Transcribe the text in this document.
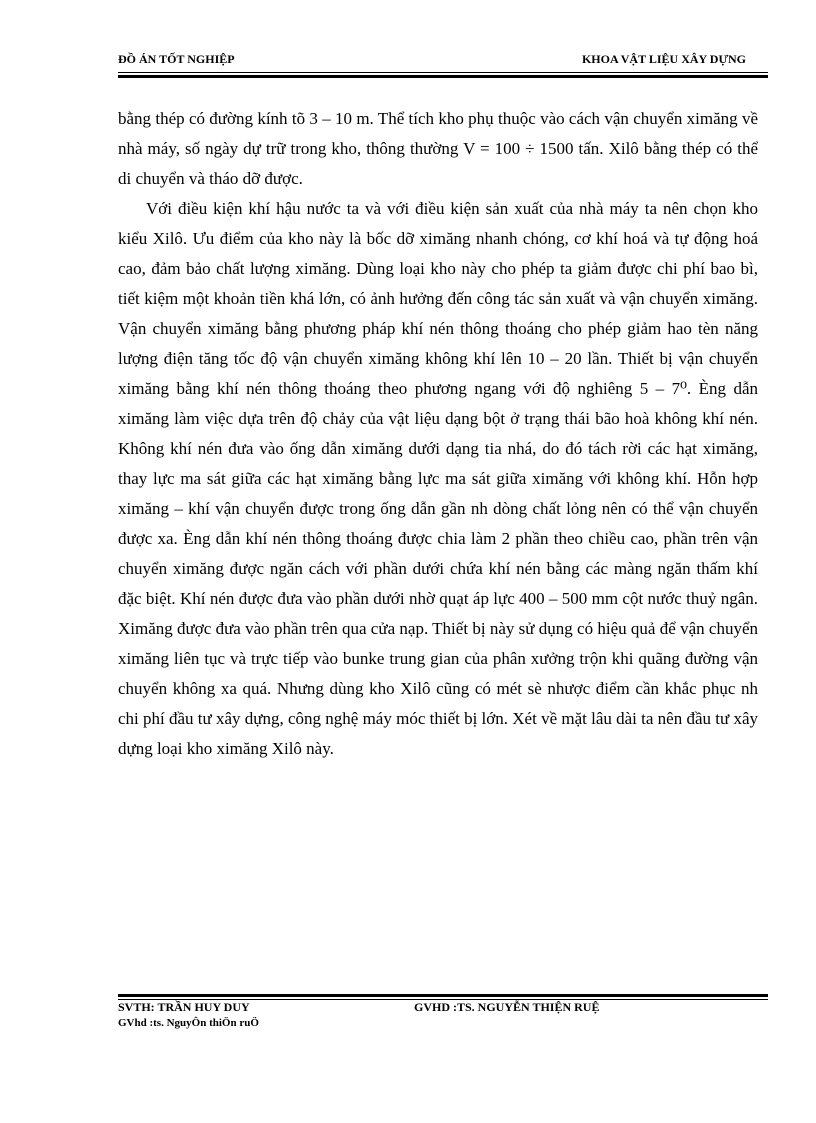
ĐỒ ÁN TỐT NGHIỆP	KHOA VẬT LIỆU XÂY DỰNG

bằng thép có đường kính tõ 3 – 10 m. Thể tích kho phụ thuộc vào cách vận chuyển ximăng về nhà máy, số ngày dự trữ trong kho, thông thường V = 100 ÷ 1500 tấn. Xilô bằng thép có thể di chuyển và tháo dỡ được.

Với điều kiện khí hậu nước ta và với điều kiện sản xuất của nhà máy ta nên chọn kho kiểu Xilô. Ưu điểm của kho này là bốc dỡ ximăng nhanh chóng, cơ khí hoá và tự động hoá cao, đảm bảo chất lượng ximăng. Dùng loại kho này cho phép ta giảm được chi phí bao bì, tiết kiệm một khoản tiền khá lớn, có ảnh hưởng đến công tác sản xuất và vận chuyển ximăng. Vận chuyển ximăng bằng phương pháp khí nén thông thoáng cho phép giảm hao tèn năng lượng điện tăng tốc độ vận chuyển ximăng không khí lên 10 – 20 lần. Thiết bị vận chuyển ximăng bằng khí nén thông thoáng theo phương ngang với độ nghiêng 5 – 7⁰. Èng dẫn ximăng làm việc dựa trên độ chảy của vật liệu dạng bột ở trạng thái bão hoà không khí nén. Không khí nén đưa vào ống dẫn ximăng dưới dạng tia nhá, do đó tách rời các hạt ximăng, thay lực ma sát giữa các hạt ximăng bằng lực ma sát giữa ximăng với không khí. Hỗn hợp ximăng – khí vận chuyển được trong ống dẫn gần nh dòng chất lỏng nên có thể vận chuyển được xa. Èng dẫn khí nén thông thoáng được chia làm 2 phần theo chiều cao, phần trên vận chuyển ximăng được ngăn cách với phần dưới chứa khí nén bằng các màng ngăn thấm khí đặc biệt. Khí nén được đưa vào phần dưới nhờ quạt áp lực 400 – 500 mm cột nước thuỷ ngân. Ximăng được đưa vào phần trên qua cửa nạp. Thiết bị này sử dụng có hiệu quả để vận chuyển ximăng liên tục và trực tiếp vào bunke trung gian của phân xưởng trộn khi quãng đường vận chuyển không xa quá. Nhưng dùng kho Xilô cũng có mét sè nhược điểm cần khắc phục nh chi phí đầu tư xây dựng, công nghệ máy móc thiết bị lớn. Xét về mặt lâu dài ta nên đầu tư xây dựng loại kho ximăng Xilô này.

SVTH: TRẦN HUY DUY	GVHD :TS. NGUYỄN THIỆN RUỆ
GVhd :ts. NguyÔn thiÖn ruÖ
